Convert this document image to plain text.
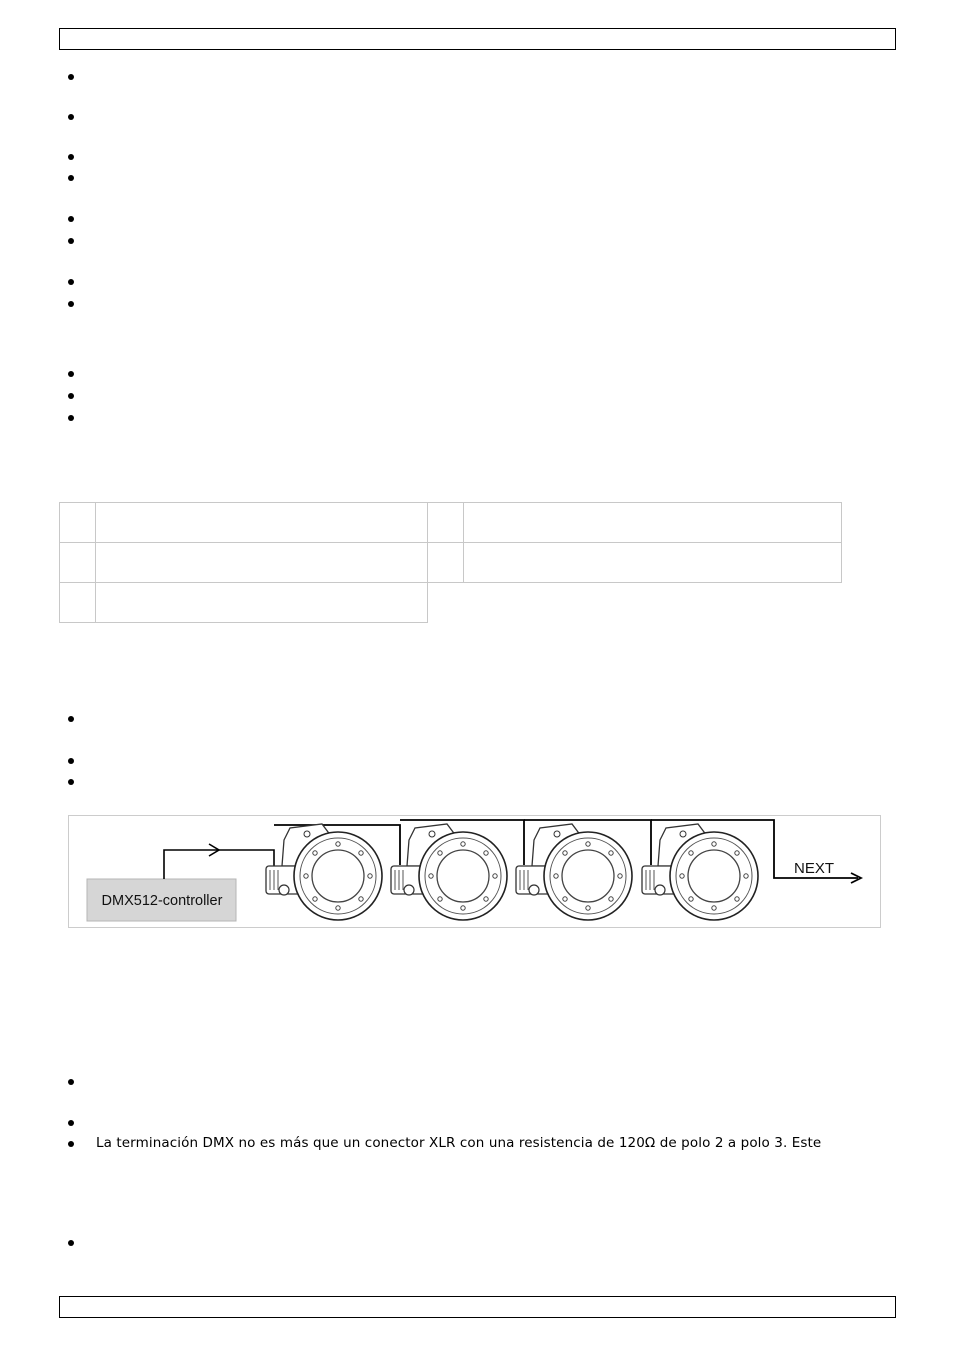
DMX512-controller
NEXT
La terminación DMX no es más que un conector XLR con una resistencia de 120Ω de polo 2 a polo 3. Este
